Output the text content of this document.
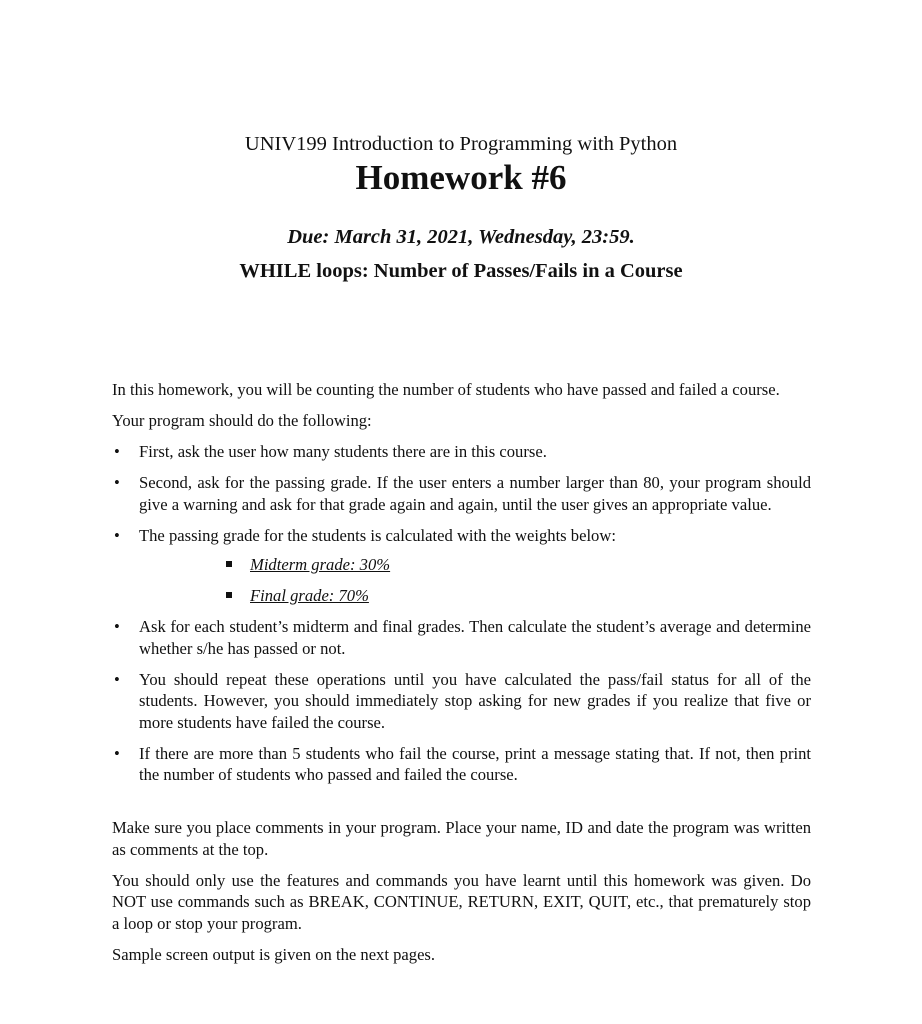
UNIV199 Introduction to Programming with Python
Homework #6
Due: March 31, 2021, Wednesday, 23:59.
WHILE loops: Number of Passes/Fails in a Course

In this homework, you will be counting the number of students who have passed and failed a course.

Your program should do the following:

• First, ask the user how many students there are in this course.
• Second, ask for the passing grade. If the user enters a number larger than 80, your program should give a warning and ask for that grade again and again, until the user gives an appropriate value.
• The passing grade for the students is calculated with the weights below:
Midterm grade: 30%
Final grade: 70%
• Ask for each student’s midterm and final grades. Then calculate the student’s average and determine whether s/he has passed or not.
• You should repeat these operations until you have calculated the pass/fail status for all of the students. However, you should immediately stop asking for new grades if you realize that five or more students have failed the course.
• If there are more than 5 students who fail the course, print a message stating that. If not, then print the number of students who passed and failed the course.

Make sure you place comments in your program. Place your name, ID and date the program was written as comments at the top.

You should only use the features and commands you have learnt until this homework was given. Do NOT use commands such as BREAK, CONTINUE, RETURN, EXIT, QUIT, etc., that prematurely stop a loop or stop your program.

Sample screen output is given on the next pages.
